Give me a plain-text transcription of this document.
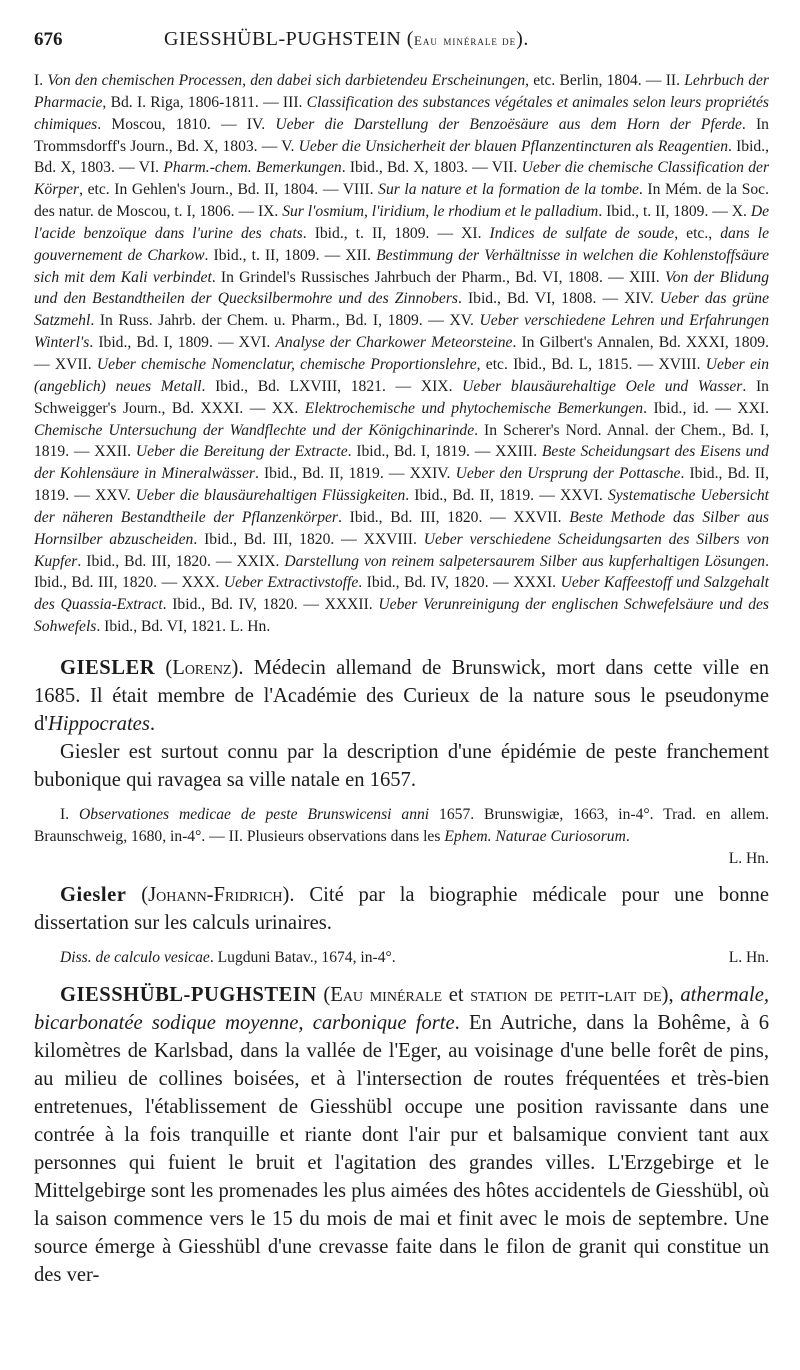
676	GIESSHÜBL-PUGHSTEIN (Eau minérale de).

I. Von den chemischen Processen, den dabei sich darbietendeu Erscheinungen, etc. Berlin, 1804. — II. Lehrbuch der Pharmacie, Bd. I. Riga, 1806-1811. — III. Classification des substances végétales et animales selon leurs propriétés chimiques. Moscou, 1810. — IV. Ueber die Darstellung der Benzoësäure aus dem Horn der Pferde. In Trommsdorff's Journ., Bd. X, 1803. — V. Ueber die Unsicherheit der blauen Pflanzentincturen als Reagentien. Ibid., Bd. X, 1803. — VI. Pharm.-chem. Bemerkungen. Ibid., Bd. X, 1803. — VII. Ueber die chemische Classification der Körper, etc. In Gehlen's Journ., Bd. II, 1804. — VIII. Sur la nature et la formation de la tombe. In Mém. de la Soc. des natur. de Moscou, t. I, 1806. — IX. Sur l'osmium, l'iridium, le rhodium et le palladium. Ibid., t. II, 1809. — X. De l'acide benzoïque dans l'urine des chats. Ibid., t. II, 1809. — XI. Indices de sulfate de soude, etc., dans le gouvernement de Charkow. Ibid., t. II, 1809. — XII. Bestimmung der Verhältnisse in welchen die Kohlenstoffsäure sich mit dem Kali verbindet. In Grindel's Russisches Jahrbuch der Pharm., Bd. VI, 1808. — XIII. Von der Blidung und den Bestandtheilen der Quecksilbermohre und des Zinnobers. Ibid., Bd. VI, 1808. — XIV. Ueber das grüne Satzmehl. In Russ. Jahrb. der Chem. u. Pharm., Bd. I, 1809. — XV. Ueber verschiedene Lehren und Erfahrungen Winterl's. Ibid., Bd. I, 1809. — XVI. Analyse der Charkower Meteorsteine. In Gilbert's Annalen, Bd. XXXI, 1809. — XVII. Ueber chemische Nomenclatur, chemische Proportionslehre, etc. Ibid., Bd. L, 1815. — XVIII. Ueber ein (angeblich) neues Metall. Ibid., Bd. LXVIII, 1821. — XIX. Ueber blausäurehaltige Oele und Wasser. In Schweigger's Journ., Bd. XXXI. — XX. Elektrochemische und phytochemische Bemerkungen. Ibid., id. — XXI. Chemische Untersuchung der Wandflechte und der Königchinarinde. In Scherer's Nord. Annal. der Chem., Bd. I, 1819. — XXII. Ueber die Bereitung der Extracte. Ibid., Bd. I, 1819. — XXIII. Beste Scheidungsart des Eisens und der Kohlensäure in Mineralwässer. Ibid., Bd. II, 1819. — XXIV. Ueber den Ursprung der Pottasche. Ibid., Bd. II, 1819. — XXV. Ueber die blausäurehaltigen Flüssigkeiten. Ibid., Bd. II, 1819. — XXVI. Systematische Uebersicht der näheren Bestandtheile der Pflanzenkörper. Ibid., Bd. III, 1820. — XXVII. Beste Methode das Silber aus Hornsilber abzuscheiden. Ibid., Bd. III, 1820. — XXVIII. Ueber verschiedene Scheidungsarten des Silbers von Kupfer. Ibid., Bd. III, 1820. — XXIX. Darstellung von reinem salpetersaurem Silber aus kupferhaltigen Lösungen. Ibid., Bd. III, 1820. — XXX. Ueber Extractivstoffe. Ibid., Bd. IV, 1820. — XXXI. Ueber Kaffeestoff und Salzgehalt des Quassia-Extract. Ibid., Bd. IV, 1820. — XXXII. Ueber Verunreinigung der englischen Schwefelsäure und des Sohwefels. Ibid., Bd. VI, 1821. L. Hn.

GIESLER (Lorenz). Médecin allemand de Brunswick, mort dans cette ville en 1685. Il était membre de l'Académie des Curieux de la nature sous le pseudonyme d'Hippocrates.

Giesler est surtout connu par la description d'une épidémie de peste franchement bubonique qui ravagea sa ville natale en 1657.

I. Observationes medicae de peste Brunswicensi anni 1657. Brunswigiæ, 1663, in-4°. Trad. en allem. Braunschweig, 1680, in-4°. — II. Plusieurs observations dans les Ephem. Naturae Curiosorum.
L. Hn.

Giesler (Johann-Fridrich). Cité par la biographie médicale pour une bonne dissertation sur les calculs urinaires.

Diss. de calculo vesicae. Lugduni Batav., 1674, in-4°.	L. Hn.

GIESSHÜBL-PUGHSTEIN (Eau minérale et station de petit-lait de), athermale, bicarbonatée sodique moyenne, carbonique forte. En Autriche, dans la Bohême, à 6 kilomètres de Karlsbad, dans la vallée de l'Eger, au voisinage d'une belle forêt de pins, au milieu de collines boisées, et à l'intersection de routes fréquentées et très-bien entretenues, l'établissement de Giesshübl occupe une position ravissante dans une contrée à la fois tranquille et riante dont l'air pur et balsamique convient tant aux personnes qui fuient le bruit et l'agitation des grandes villes. L'Erzgebirge et le Mittelgebirge sont les promenades les plus aimées des hôtes accidentels de Giesshübl, où la saison commence vers le 15 du mois de mai et finit avec le mois de septembre. Une source émerge à Giesshübl d'une crevasse faite dans le filon de granit qui constitue un des ver-
